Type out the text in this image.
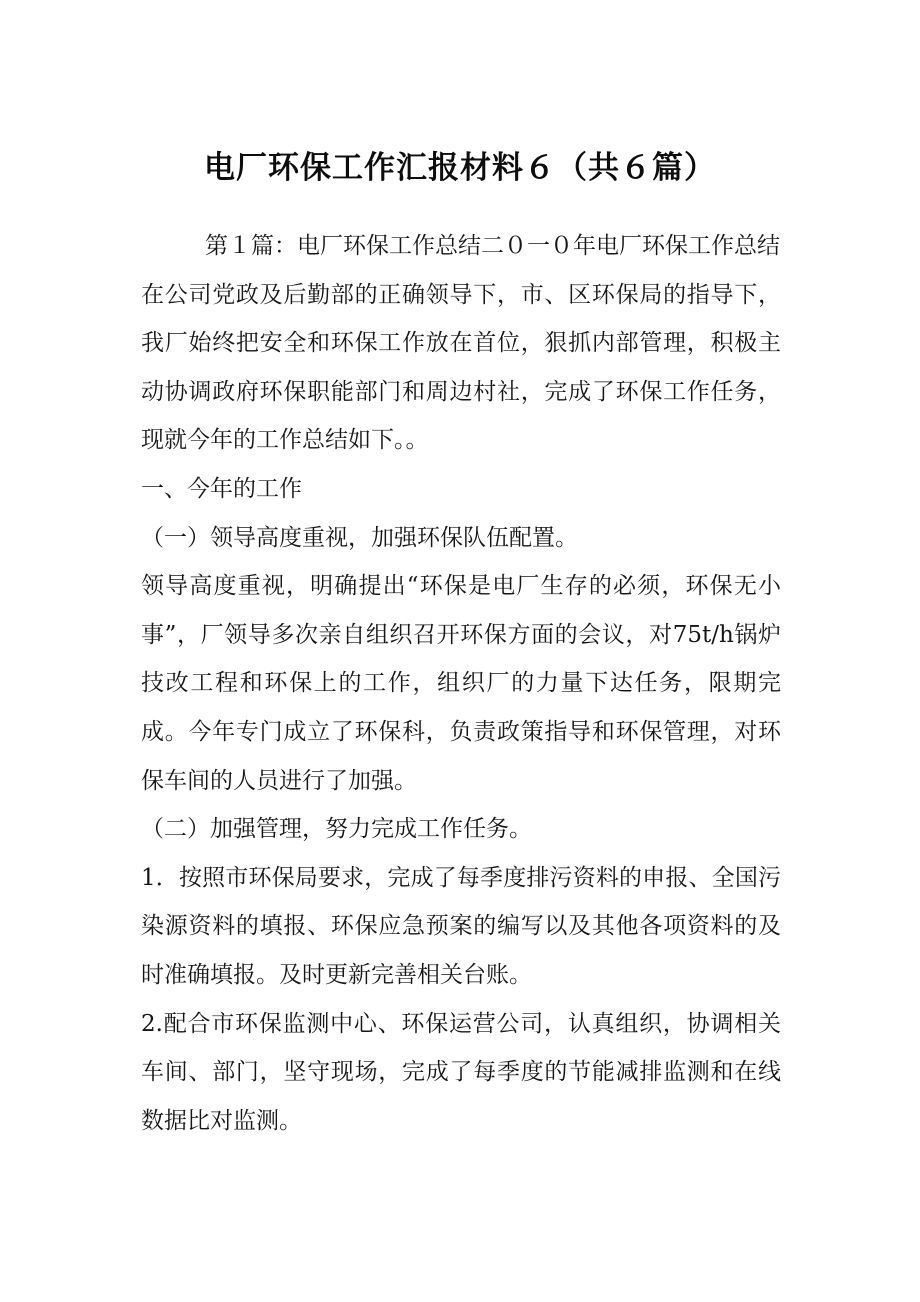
电厂环保工作汇报材料６（共６篇）

第１篇：电厂环保工作总结二０一０年电厂环保工作总结

在公司党政及后勤部的正确领导下，市、区环保局的指导下，我厂始终把安全和环保工作放在首位，狠抓内部管理，积极主动协调政府环保职能部门和周边村社，完成了环保工作任务，现就今年的工作总结如下。。

一、今年的工作

（一）领导高度重视，加强环保队伍配置。

领导高度重视，明确提出“环保是电厂生存的必须，环保无小事”，厂领导多次亲自组织召开环保方面的会议，对75t/h锅炉技改工程和环保上的工作，组织厂的力量下达任务，限期完成。今年专门成立了环保科，负责政策指导和环保管理，对环保车间的人员进行了加强。

（二）加强管理，努力完成工作任务。

1．按照市环保局要求，完成了每季度排污资料的申报、全国污染源资料的填报、环保应急预案的编写以及其他各项资料的及时准确填报。及时更新完善相关台账。

2.配合市环保监测中心、环保运营公司，认真组织，协调相关车间、部门，坚守现场，完成了每季度的节能减排监测和在线数据比对监测。
